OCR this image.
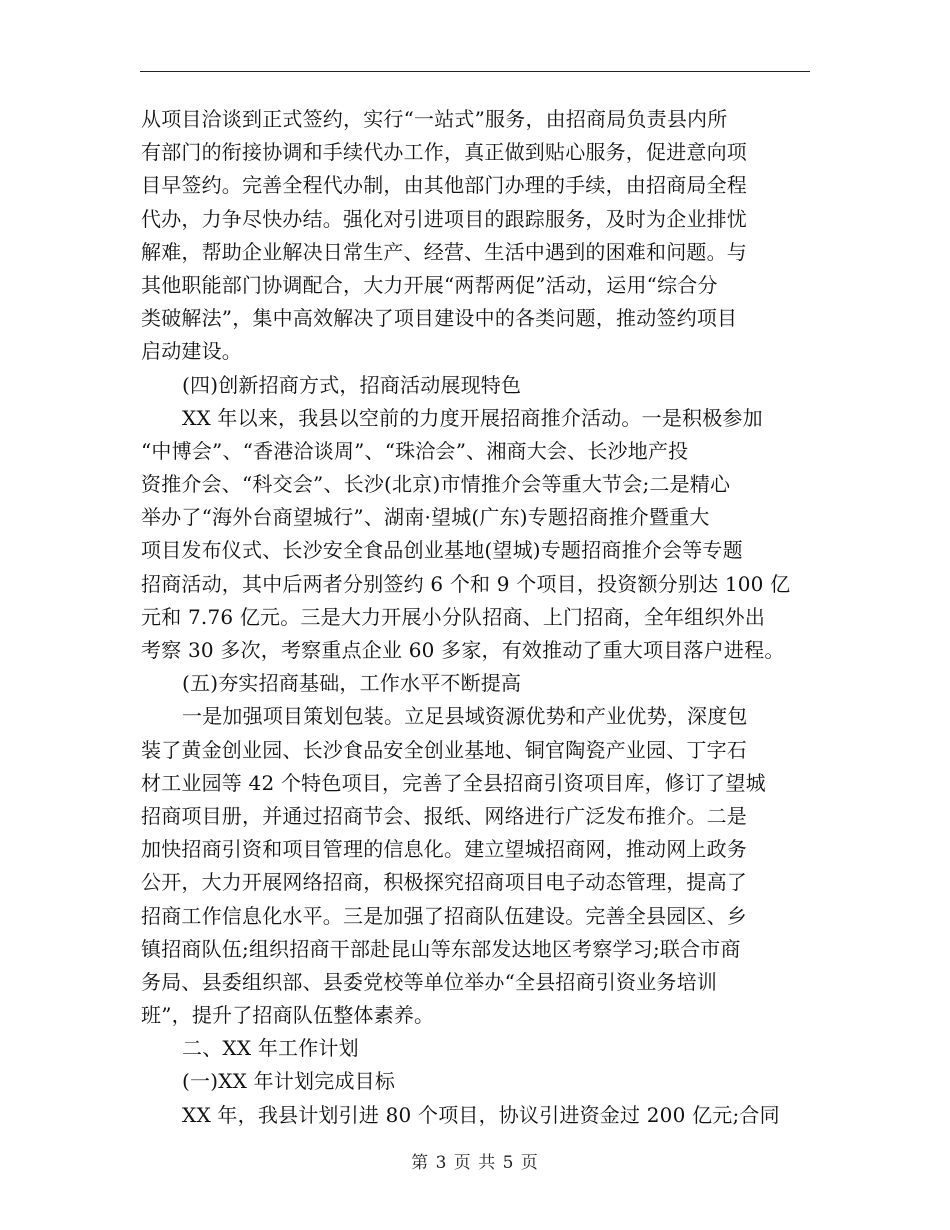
从项目洽谈到正式签约，实行“一站式”服务，由招商局负责县内所
有部门的衔接协调和手续代办工作，真正做到贴心服务，促进意向项
目早签约。完善全程代办制，由其他部门办理的手续，由招商局全程
代办，力争尽快办结。强化对引进项目的跟踪服务，及时为企业排忧
解难，帮助企业解决日常生产、经营、生活中遇到的困难和问题。与
其他职能部门协调配合，大力开展“两帮两促”活动，运用“综合分
类破解法”，集中高效解决了项目建设中的各类问题，推动签约项目
启动建设。
(四)创新招商方式，招商活动展现特色
XX 年以来，我县以空前的力度开展招商推介活动。一是积极参加
“中博会”、“香港洽谈周”、“珠洽会”、湘商大会、长沙地产投
资推介会、“科交会”、长沙(北京)市情推介会等重大节会;二是精心
举办了“海外台商望城行”、湖南·望城(广东)专题招商推介暨重大
项目发布仪式、长沙安全食品创业基地(望城)专题招商推介会等专题
招商活动，其中后两者分别签约 6 个和 9 个项目，投资额分别达 100 亿
元和 7.76 亿元。三是大力开展小分队招商、上门招商，全年组织外出
考察 30 多次，考察重点企业 60 多家，有效推动了重大项目落户进程。
(五)夯实招商基础，工作水平不断提高
一是加强项目策划包装。立足县域资源优势和产业优势，深度包
装了黄金创业园、长沙食品安全创业基地、铜官陶瓷产业园、丁字石
材工业园等 42 个特色项目，完善了全县招商引资项目库，修订了望城
招商项目册，并通过招商节会、报纸、网络进行广泛发布推介。二是
加快招商引资和项目管理的信息化。建立望城招商网，推动网上政务
公开，大力开展网络招商，积极探究招商项目电子动态管理，提高了
招商工作信息化水平。三是加强了招商队伍建设。完善全县园区、乡
镇招商队伍;组织招商干部赴昆山等东部发达地区考察学习;联合市商
务局、县委组织部、县委党校等单位举办“全县招商引资业务培训
班”，提升了招商队伍整体素养。
二、XX 年工作计划
(一)XX 年计划完成目标
XX 年，我县计划引进 80 个项目，协议引进资金过 200 亿元;合同
第 3 页 共 5 页
